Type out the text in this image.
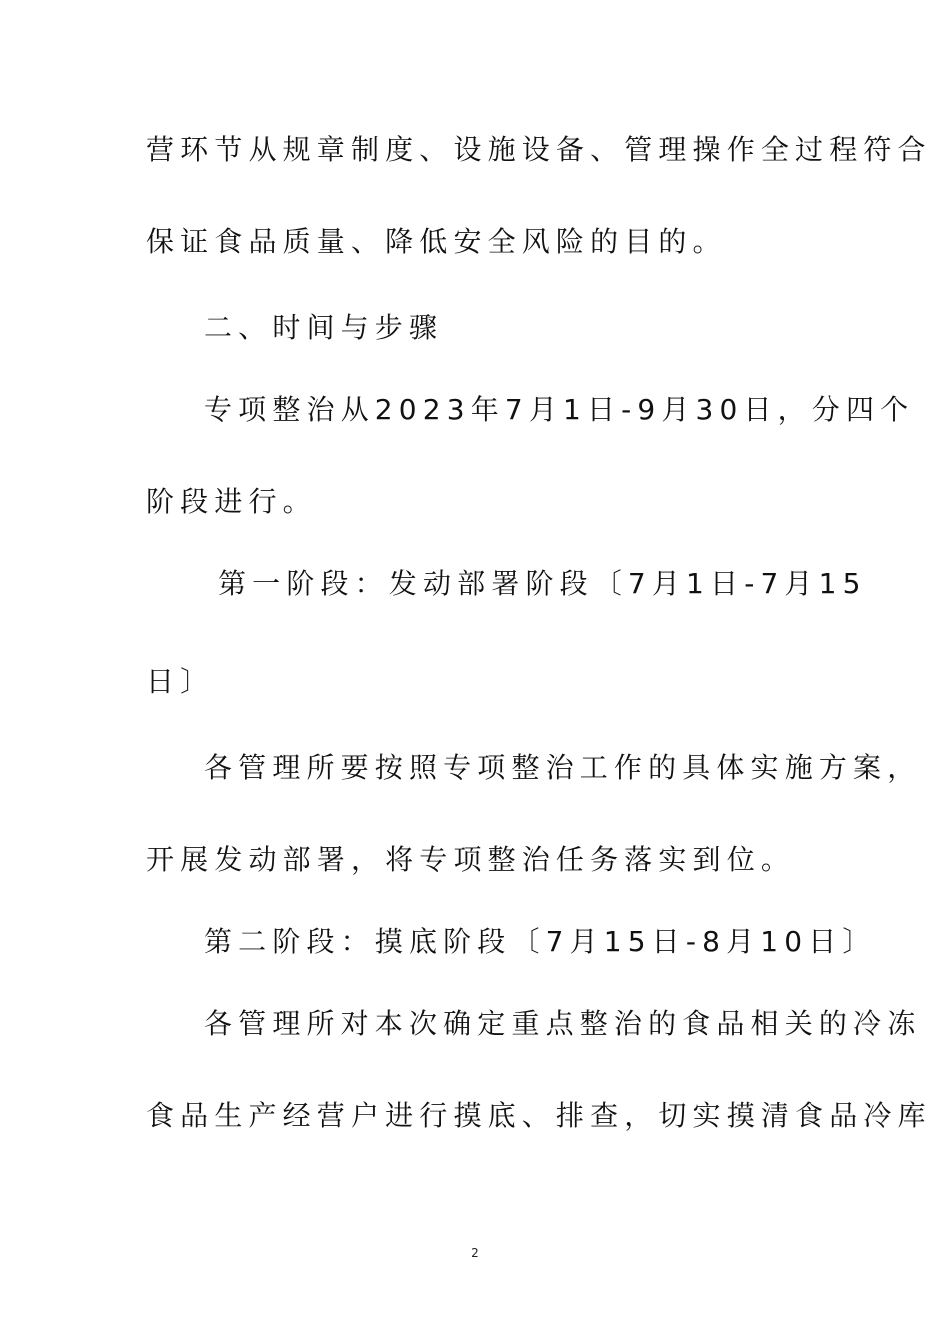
营环节从规章制度、设施设备、管理操作全过程符合
保证食品质量、降低安全风险的目的。
二、时间与步骤
专项整治从2023年7月1日-9月30日，分四个
阶段进行。
第一阶段：发动部署阶段〔7月1日-7月15
日〕
各管理所要按照专项整治工作的具体实施方案，
开展发动部署，将专项整治任务落实到位。
第二阶段：摸底阶段〔7月15日-8月10日〕
各管理所对本次确定重点整治的食品相关的冷冻
食品生产经营户进行摸底、排查，切实摸清食品冷库
2
